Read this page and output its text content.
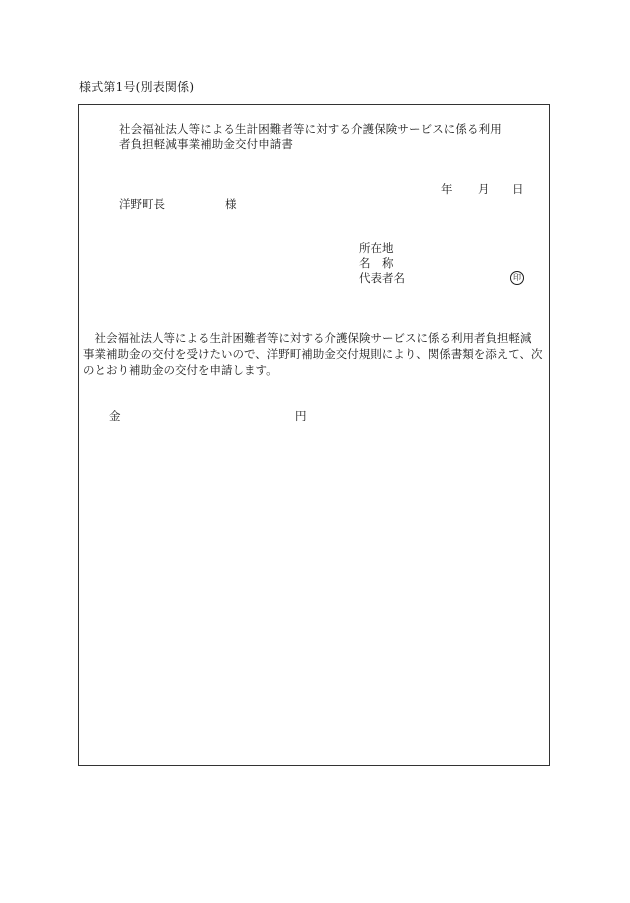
様式第1号(別表関係)
社会福祉法人等による生計困難者等に対する介護保険サービスに係る利用
者負担軽減事業補助金交付申請書
年 月 日
洋野町長	様
所在地
名　称
代表者名	印
　社会福祉法人等による生計困難者等に対する介護保険サービスに係る利用者負担軽減
事業補助金の交付を受けたいので、洋野町補助金交付規則により、関係書類を添えて、次
のとおり補助金の交付を申請します。
金	円
